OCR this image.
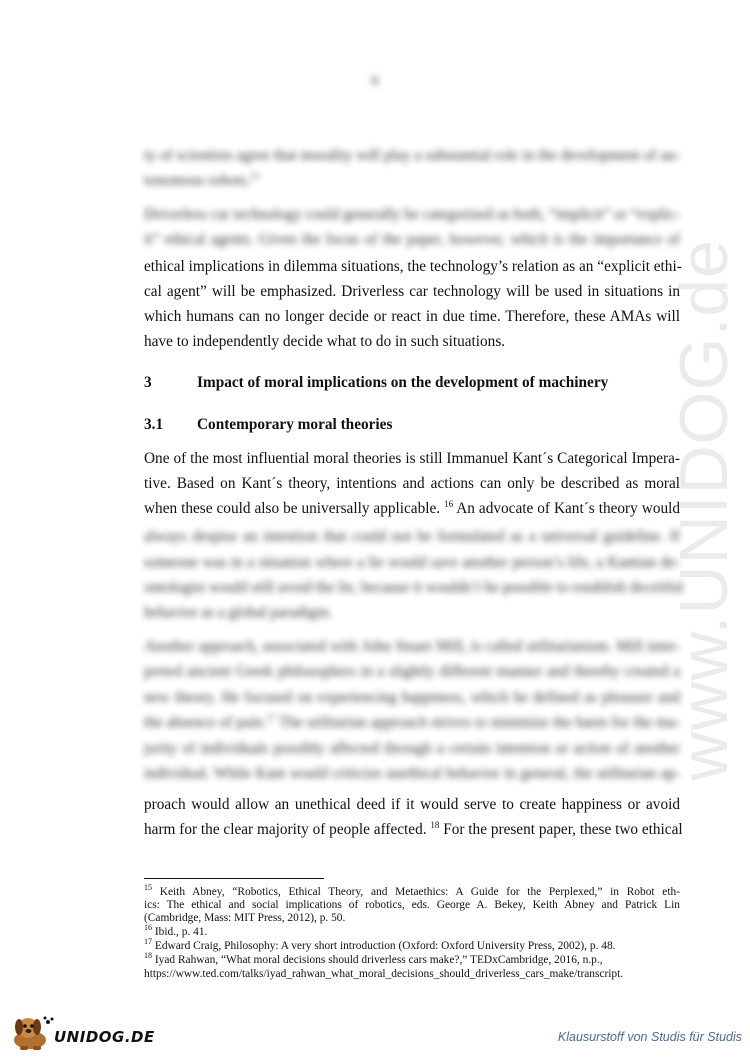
www.UNIDOG.de
6
ty of scientists agree that morality will play a substantial role in the development of au-
tonomous robots.$^{15}$
Driverless car technology could generally be categorized as both, “implicit” or “explic-
it” ethical agents. Given the focus of the paper, however, which is the importance of
ethical implications in dilemma situations, the technology’s relation as an “explicit ethi-
cal agent” will be emphasized. Driverless car technology will be used in situations in
which humans can no longer decide or react in due time. Therefore, these AMAs will
have to independently decide what to do in such situations.
3	Impact of moral implications on the development of machinery
3.1 Contemporary moral theories
One of the most influential moral theories is still Immanuel Kant´s Categorical Impera-
tive. Based on Kant´s theory, intentions and actions can only be described as moral
when these could also be universally applicable. $^{16}$ An advocate of Kant´s theory would
always despise an intention that could not be formulated as a universal guideline. If
someone was in a situation where a lie would save another person’s life, a Kantian de-
ontologist would still avoid the lie, because it wouldn’t be possible to establish deceitful
behavior as a global paradigm.
Another approach, associated with John Stuart Mill, is called utilitarianism. Mill inter-
preted ancient Greek philosophers in a slightly different manner and thereby created a
new theory. He focused on experiencing happiness, which he defined as pleasure and
the absence of pain.$^{17}$ The utilitarian approach strives to minimize the harm for the ma-
jority of individuals possibly affected through a certain intention or action of another
individual. While Kant would criticize unethical behavior in general, the utilitarian ap-
proach would allow an unethical deed if it would serve to create happiness or avoid
harm for the clear majority of people affected. $^{18}$ For the present paper, these two ethical
$^{15}$ Keith Abney, “Robotics, Ethical Theory, and Metaethics: A Guide for the Perplexed,” in Robot eth-
ics: The ethical and social implications of robotics, eds. George A. Bekey, Keith Abney and Patrick Lin
(Cambridge, Mass: MIT Press, 2012), p. 50.
$^{16}$ Ibid., p. 41.
$^{17}$ Edward Craig, Philosophy: A very short introduction (Oxford: Oxford University Press, 2002), p. 48.
$^{18}$ Iyad Rahwan, “What moral decisions should driverless cars make?,” TEDxCambridge, 2016, n.p.,
https://www.ted.com/talks/iyad_rahwan_what_moral_decisions_should_driverless_cars_make/transcript.
UNIDOG.DE	Klausurstoff von Studis für Studis
